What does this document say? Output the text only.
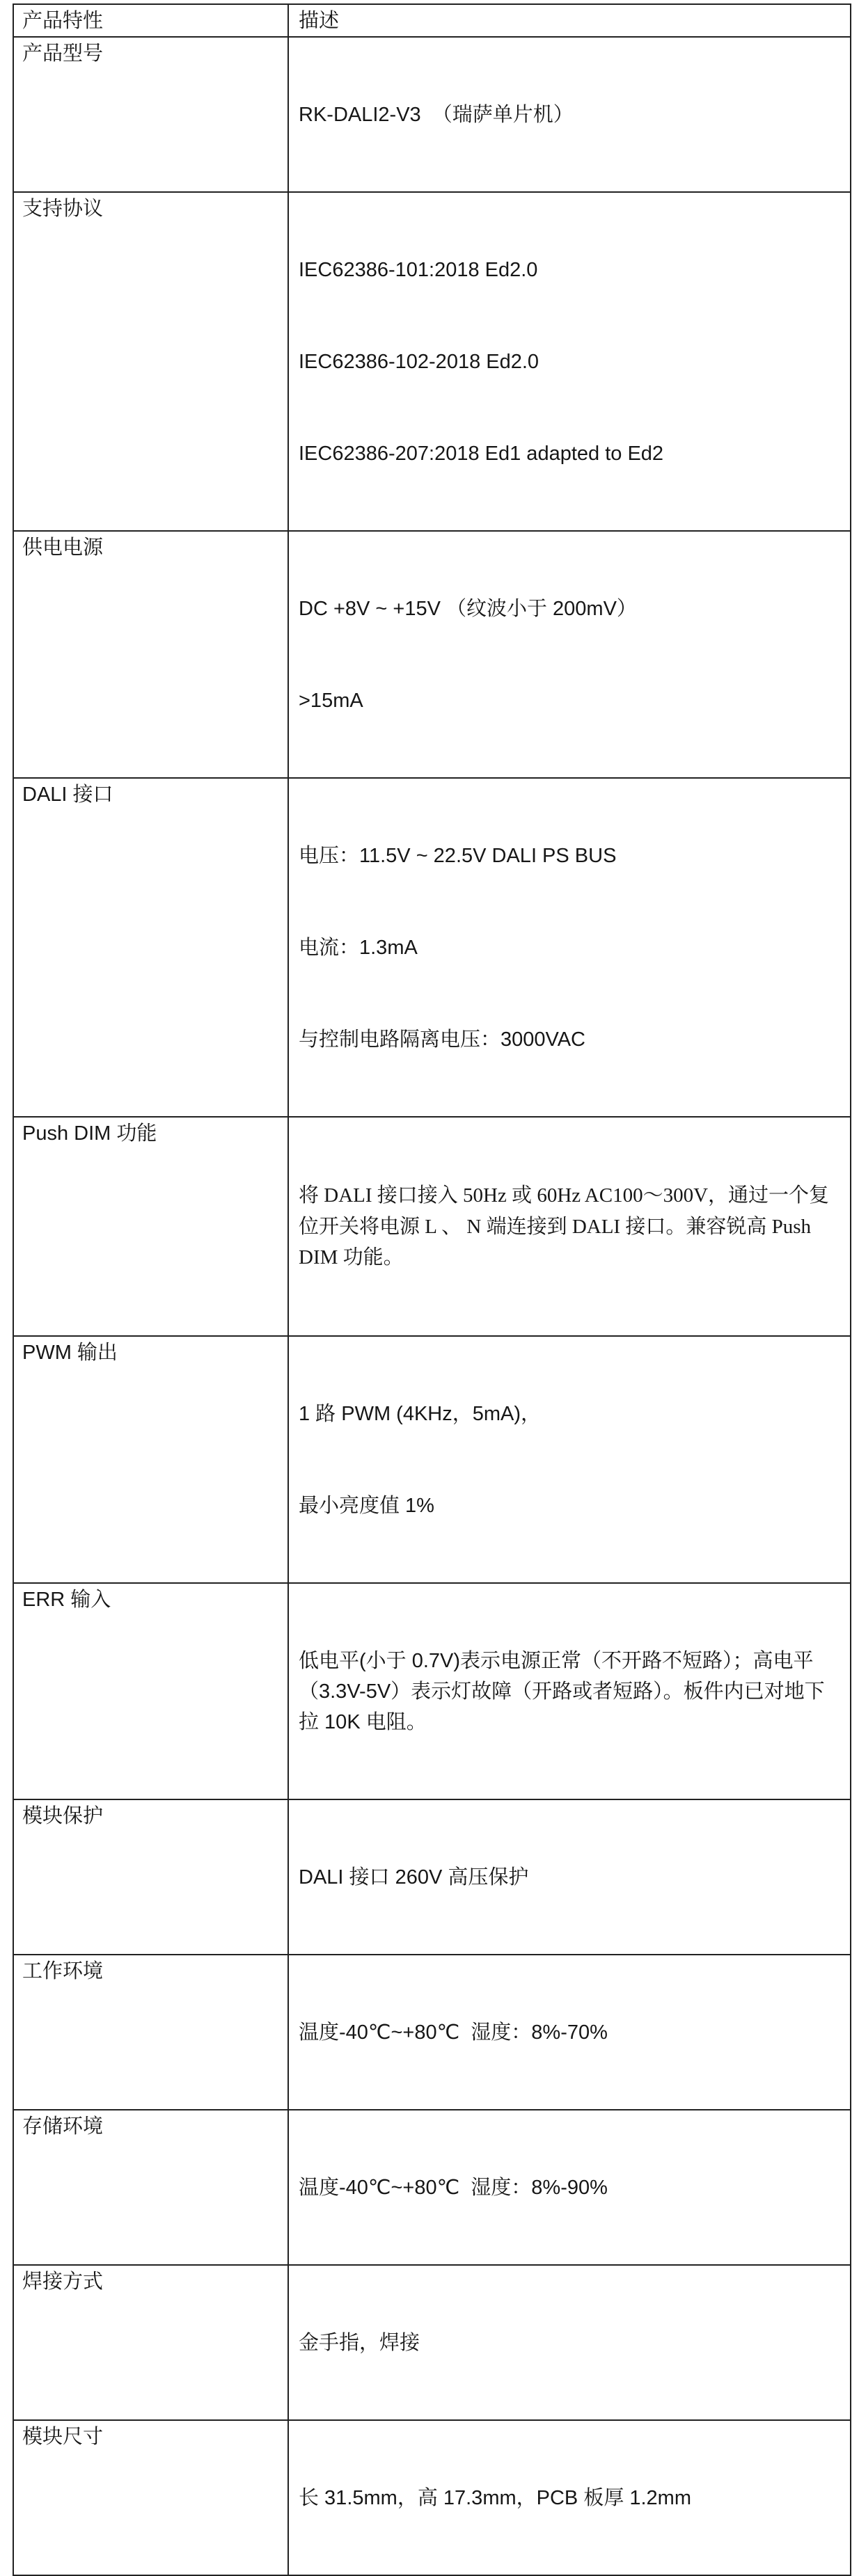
产品特性	描述
产品型号

RK-DALI2-V3  （瑞萨单片机）

支持协议

IEC62386-101:2018 Ed2.0

IEC62386-102-2018 Ed2.0

IEC62386-207:2018 Ed1 adapted to Ed2

供电电源

DC +8V ~ +15V （纹波小于 200mV）

>15mA

DALI 接口

电压：11.5V ~ 22.5V DALI PS BUS

电流：1.3mA

与控制电路隔离电压：3000VAC

Push DIM 功能

将 DALI 接口接入 50Hz 或 60Hz AC100～300V，通过一个复位开关将电源 L 、 N 端连接到 DALI 接口。兼容锐高 Push DIM 功能。

PWM 输出

1 路 PWM (4KHz，5mA)，

最小亮度值 1%

ERR 输入

低电平(小于 0.7V)表示电源正常（不开路不短路）；高电平（3.3V-5V）表示灯故障（开路或者短路）。板件内已对地下拉 10K 电阻。

模块保护

DALI 接口 260V 高压保护

工作环境

温度-40℃~+80℃  湿度：8%-70%

存储环境

温度-40℃~+80℃  湿度：8%-90%

焊接方式

金手指，焊接

模块尺寸

长 31.5mm，高 17.3mm，PCB 板厚 1.2mm
